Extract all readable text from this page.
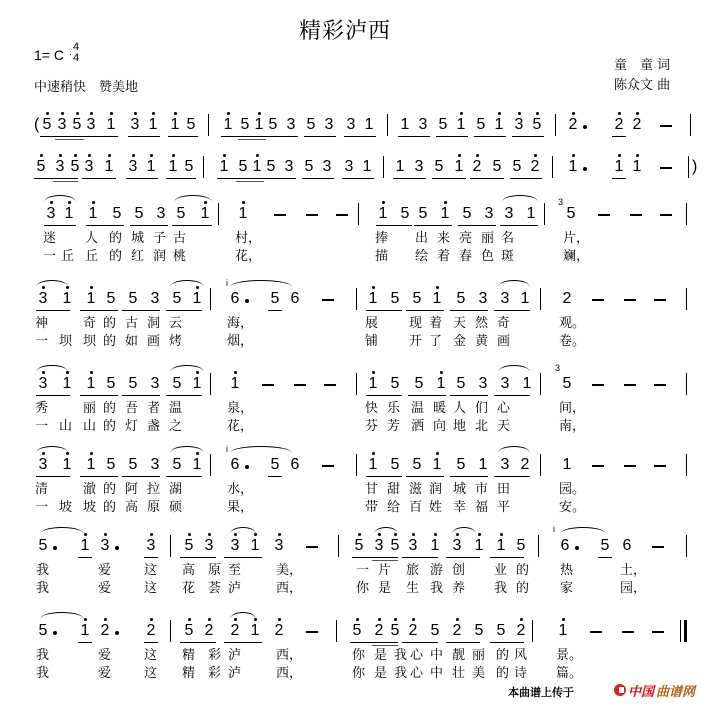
精彩泸西
1= C 4
4
中速稍快　赞美地
童　童 词
陈众文 曲
5 3 5 3 1 3 1 1 5 1 5 1 5 3 5 3 3 1 1 3 5 1 5 1 3 5 2 2 2
(
5 3 5 3 1 3 1 1 5 1 5 1 5 3 5 3 3 1 1 3 5 1 2 5 5 2 1 1 1	)
3 1 1 5 5 3 5 1 1	1 5 5 1 5 3 3 1 5
3
迷 人 的 城 子 古	村，	捧 出 来 亮 丽 名	片，
一 丘 丘 的 红 润 桃	花，	描 绘 着 春 色 斑	斓，
3 1 1 5 5 3 5 1 6 5 6	1 5 5 1 5 3 3 1 2
i
神	奇 的 古 洞 云	海，	展 现 着 天 然 奇	观。
一 坝 坝 的 如 画 烤	烟，	铺 开 了 金 黄 画	卷。
3 1 1 5 5 3 5 1 1	1 5 5 1 5 3 3 1 5
3
秀	丽 的 吾 者 温	泉，	快 乐 温 暖 人 们 心	间，
一 山 山 的 灯 盏 之	花，	芬 芳 洒 向 地 北 天	南，
3 1 1 5 5 3 5 1 6 5 6	1 5 5 1 5 1 3 2 1
i
清	澈 的 阿 拉 湖	水，	甘 甜 滋 润 城 市 田	园。
一 坡 坡 的 高 原 硕	果，	带 给 百 姓 幸 福 平	安。
5 1 3 3 5 3 3 1 3	5 3 5 3 1 3 1 1 5 6 5 6
i
我	爱	这 高 原 至	美，	一 片 旅 游 创 业 的 热	土，
我	爱	这 花 荟 泸	西，	你 是 生 我 养 我 的 家	园，
5 1 2 2 5 2 2 1 2	5 2 5 2 5 2 5 5 2 1
我	爱	这 精 彩 泸	西，	你 是 我 心 中 靓 丽 的 风 景。
我	爱	这 精 彩 泸	西，	你 是 我 心 中 壮 美 的 诗 篇。
本曲谱上传于	中国 曲谱网
